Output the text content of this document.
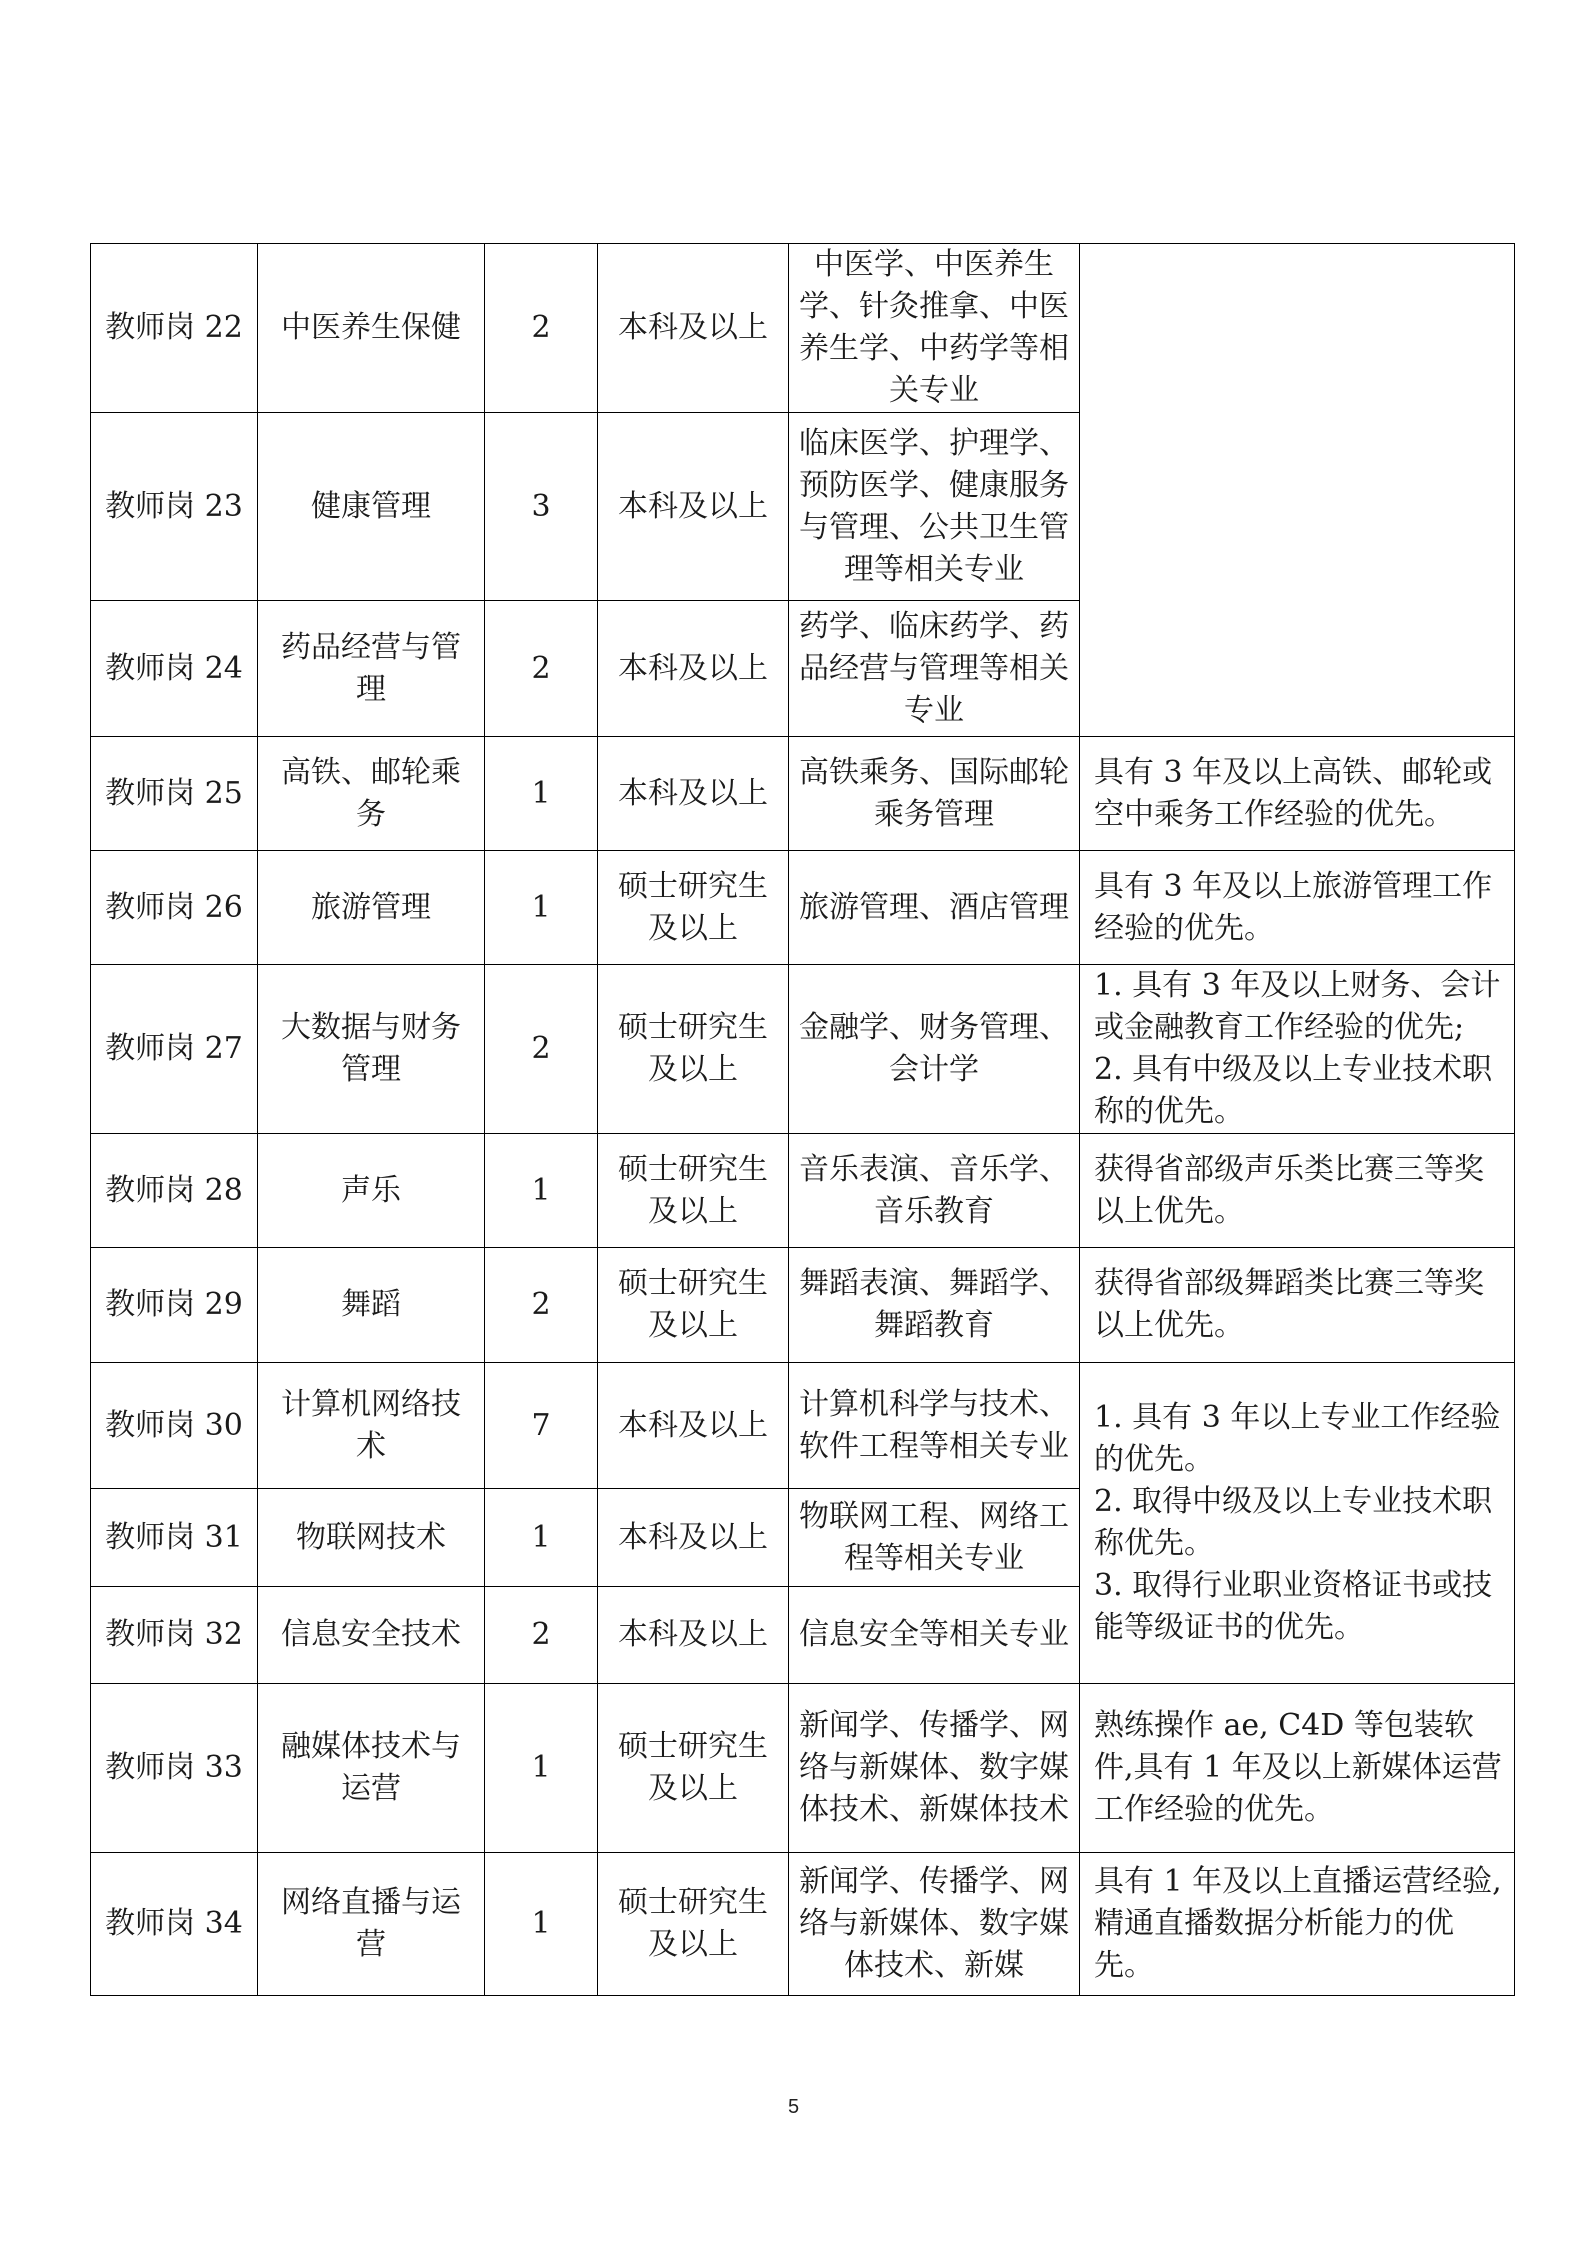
教师岗 22	中医养生保健	2	本科及以上	中医学、中医养生学、针灸推拿、中医养生学、中药学等相关专业	
教师岗 23	健康管理	3	本科及以上	临床医学、护理学、预防医学、健康服务与管理、公共卫生管理等相关专业	
教师岗 24	药品经营与管理	2	本科及以上	药学、临床药学、药品经营与管理等相关专业	
教师岗 25	高铁、邮轮乘务	1	本科及以上	高铁乘务、国际邮轮乘务管理	具有 3 年及以上高铁、邮轮或空中乘务工作经验的优先。

教师岗 26	旅游管理	1	硕士研究生及以上	旅游管理、酒店管理	具有 3 年及以上旅游管理工作经验的优先。

教师岗 27	大数据与财务管理	2	硕士研究生及以上	金融学、财务管理、会计学	1. 具有 3 年及以上财务、会计或金融教育工作经验的优先;
2. 具有中级及以上专业技术职称的优先。

教师岗 28	声乐	1	硕士研究生及以上	音乐表演、音乐学、音乐教育	获得省部级声乐类比赛三等奖以上优先。

教师岗 29	舞蹈	2	硕士研究生及以上	舞蹈表演、舞蹈学、舞蹈教育	获得省部级舞蹈类比赛三等奖以上优先。

教师岗 30	计算机网络技术	7	本科及以上	计算机科学与技术、软件工程等相关专业	1. 具有 3 年以上专业工作经验的优先。
2. 取得中级及以上专业技术职称优先。
3. 取得行业职业资格证书或技能等级证书的优先。

教师岗 31	物联网技术	1	本科及以上	物联网工程、网络工程等相关专业	
教师岗 32	信息安全技术	2	本科及以上	信息安全等相关专业	
教师岗 33	融媒体技术与运营	1	硕士研究生及以上	新闻学、传播学、网络与新媒体、数字媒体技术、新媒体技术	熟练操作 ae, C4D 等包装软件,具有 1 年及以上新媒体运营工作经验的优先。

教师岗 34	网络直播与运营	1	硕士研究生及以上	新闻学、传播学、网络与新媒体、数字媒体技术、新媒	具有 1 年及以上直播运营经验,精通直播数据分析能力的优先。
5
